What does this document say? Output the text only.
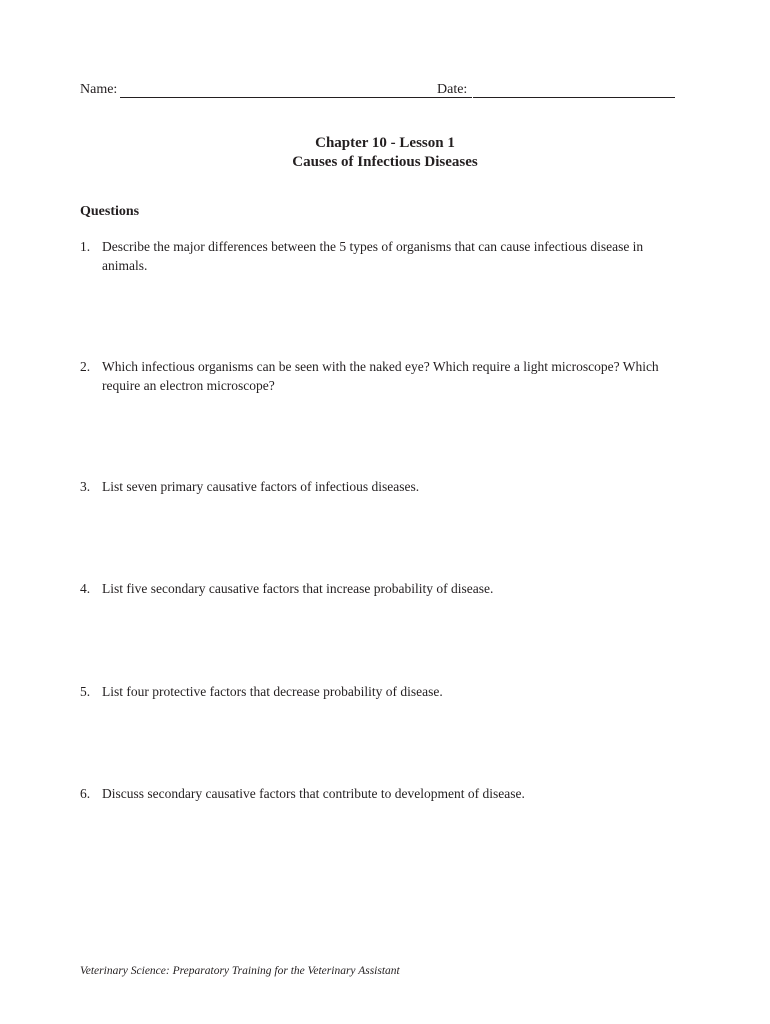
Name:	Date:
Chapter 10 - Lesson 1
Causes of Infectious Diseases
Questions
1. Describe the major differences between the 5 types of organisms that can cause infectious disease in animals.
2. Which infectious organisms can be seen with the naked eye? Which require a light microscope? Which require an electron microscope?
3. List seven primary causative factors of infectious diseases.
4. List five secondary causative factors that increase probability of disease.
5. List four protective factors that decrease probability of disease.
6. Discuss secondary causative factors that contribute to development of disease.
Veterinary Science: Preparatory Training for the Veterinary Assistant
